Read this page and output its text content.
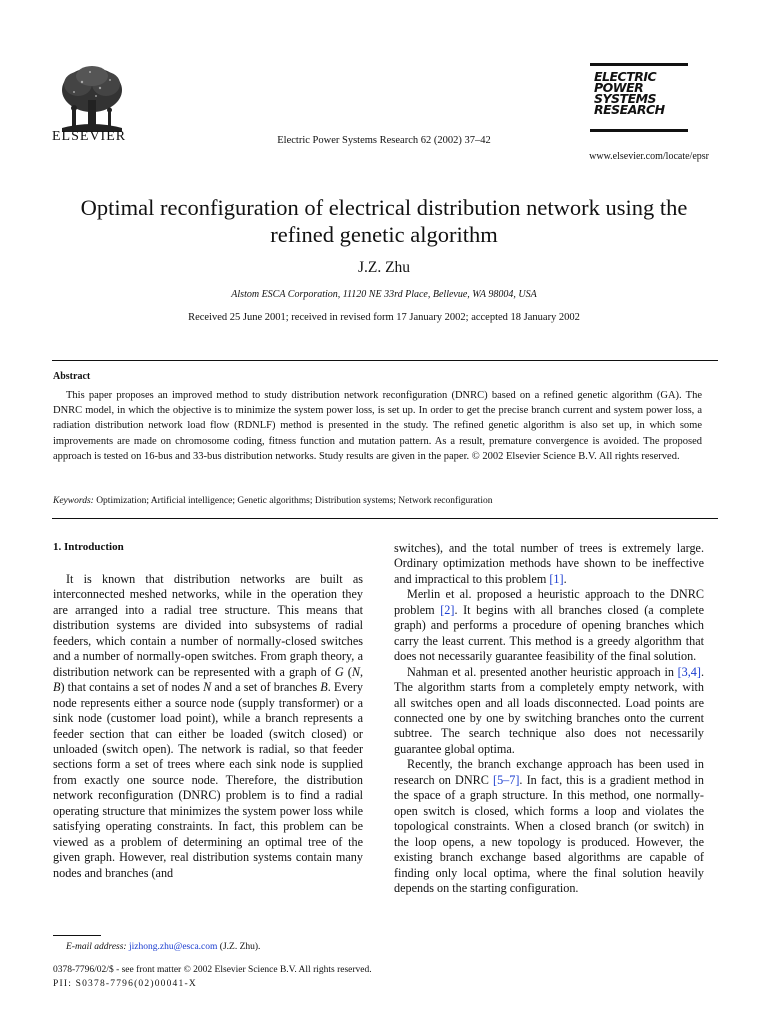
ELSEVIER	Electric Power Systems Research 62 (2002) 37–42
ELECTRIC
POWER
SYSTEMS
RESEARCH
www.elsevier.com/locate/epsr
Optimal reconfiguration of electrical distribution network using the
refined genetic algorithm
J.Z. Zhu
Alstom ESCA Corporation, 11120 NE 33rd Place, Bellevue, WA 98004, USA
Received 25 June 2001; received in revised form 17 January 2002; accepted 18 January 2002
Abstract
This paper proposes an improved method to study distribution network reconfiguration (DNRC) based on a refined genetic algorithm (GA). The DNRC model, in which the objective is to minimize the system power loss, is set up. In order to get the precise branch current and system power loss, a radiation distribution network load flow (RDNLF) method is presented in the study. The refined genetic algorithm is also set up, in which some improvements are made on chromosome coding, fitness function and mutation pattern. As a result, premature convergence is avoided. The proposed approach is tested on 16-bus and 33-bus distribution networks. Study results are given in the paper. © 2002 Elsevier Science B.V. All rights reserved.
Keywords: Optimization; Artificial intelligence; Genetic algorithms; Distribution systems; Network reconfiguration
1. Introduction

It is known that distribution networks are built as interconnected meshed networks, while in the operation they are arranged into a radial tree structure. This means that distribution systems are divided into subsystems of radial feeders, which contain a number of normally-closed switches and a number of normally-open switches. From graph theory, a distribution network can be represented with a graph of G (N, B) that contains a set of nodes N and a set of branches B. Every node represents either a source node (supply transformer) or a sink node (customer load point), while a branch represents a feeder section that can either be loaded (switch closed) or unloaded (switch open). The network is radial, so that feeder sections form a set of trees where each sink node is supplied from exactly one source node. Therefore, the distribution network reconfiguration (DNRC) problem is to find a radial operating structure that minimizes the system power loss while satisfying operating constraints. In fact, this problem can be viewed as a problem of determining an optimal tree of the given graph. However, real distribution systems contain many nodes and branches (and

switches), and the total number of trees is extremely large. Ordinary optimization methods have shown to be ineffective and impractical to this problem [1].

Merlin et al. proposed a heuristic approach to the DNRC problem [2]. It begins with all branches closed (a complete graph) and performs a procedure of opening branches which carry the least current. This method is a greedy algorithm that does not necessarily guarantee feasibility of the final solution.

Nahman et al. presented another heuristic approach in [3,4]. The algorithm starts from a completely empty network, with all switches open and all loads disconnected. Load points are connected one by one by switching branches onto the current subtree. The search technique also does not necessarily guarantee global optima.

Recently, the branch exchange approach has been used in research on DNRC [5–7]. In fact, this is a gradient method in the space of a graph structure. In this method, one normally-open switch is closed, which forms a loop and violates the topological constraints. When a closed branch (or switch) in the loop opens, a new topology is produced. However, the existing branch exchange based algorithms are capable of finding only local optima, where the final solution heavily depends on the starting configuration.

E-mail address: jizhong.zhu@esca.com (J.Z. Zhu).
0378-7796/02/$ - see front matter © 2002 Elsevier Science B.V. All rights reserved.
PII: S0378-7796(02)00041-X
